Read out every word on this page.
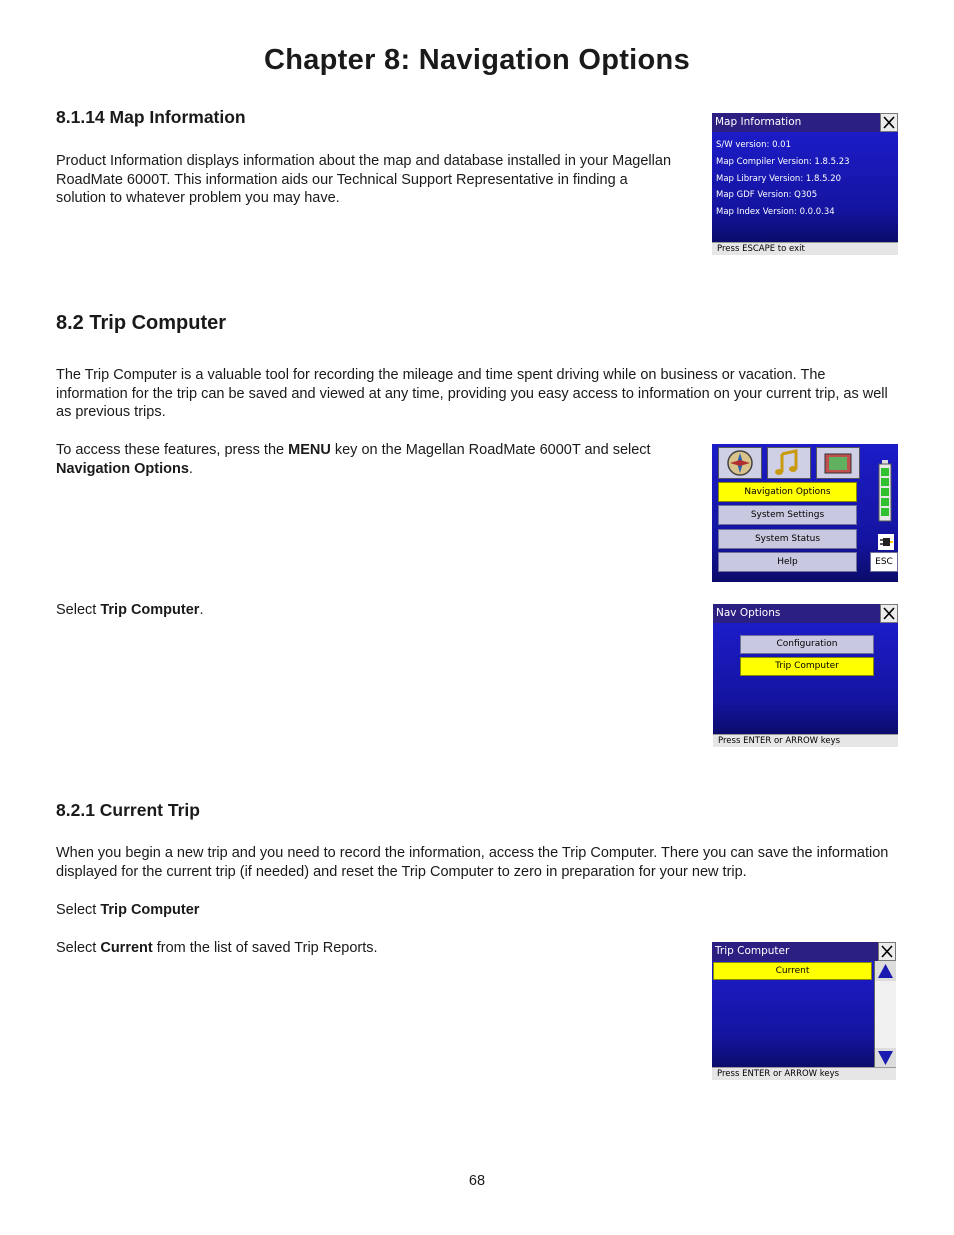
Chapter 8: Navigation Options
8.1.14 Map Information

Product Information displays information about the map and database installed in your Magellan RoadMate 6000T. This information aids our Technical Support Representative in finding a solution to whatever problem you may have.

Map Information
S/W version: 0.01
Map Compiler Version: 1.8.5.23
Map Library Version: 1.8.5.20
Map GDF Version: Q305
Map Index Version: 0.0.0.34
Press ESCAPE to exit
8.2 Trip Computer

The Trip Computer is a valuable tool for recording the mileage and time spent driving while on business or vacation. The information for the trip can be saved and viewed at any time, providing you easy access to information on your current trip, as well as previous trips.

To access these features, press the MENU key on the Magellan RoadMate 6000T and select Navigation Options.

Navigation Options
System Settings
System Status
Help	ESC

Select Trip Computer.	Nav Options
Configuration
Trip Computer
Press ENTER or ARROW keys
8.2.1 Current Trip

When you begin a new trip and you need to record the information, access the Trip Computer. There you can save the information displayed for the current trip (if needed) and reset the Trip Computer to zero in preparation for your new trip.

Select Trip Computer

Select Current from the list of saved Trip Reports.	Trip Computer
Current
Press ENTER or ARROW keys
68
